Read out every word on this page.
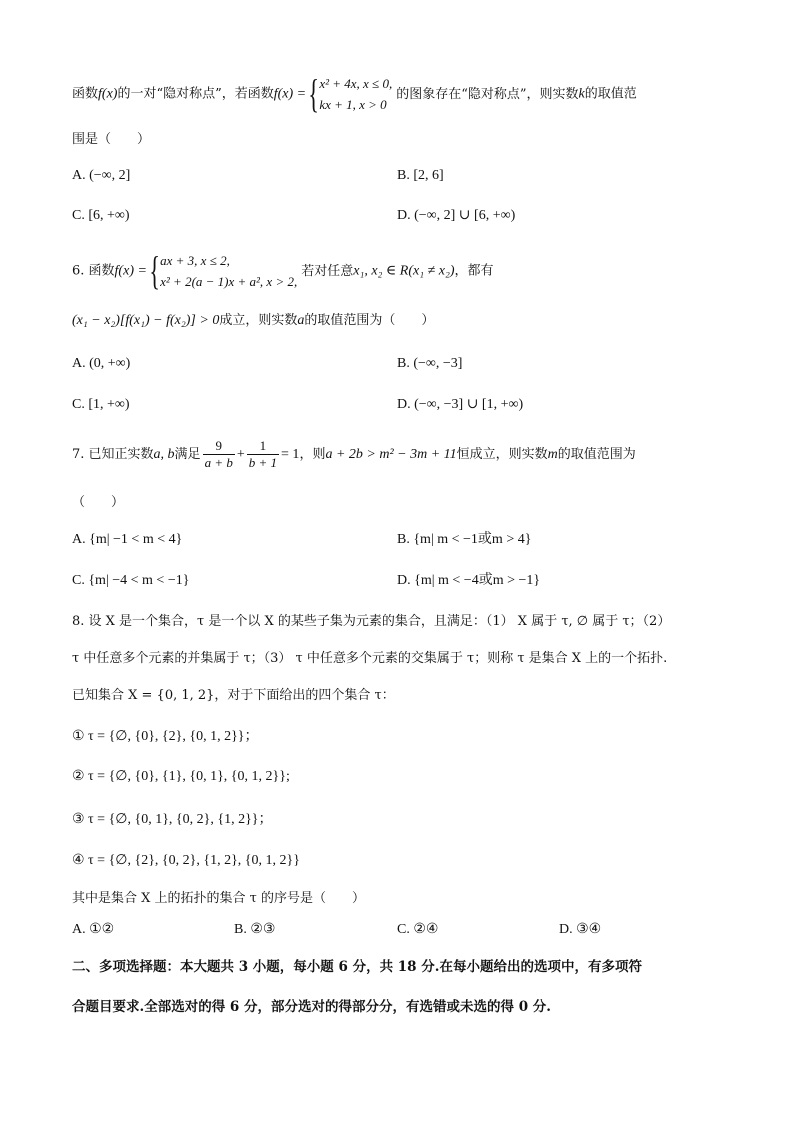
函数f(x)的一对“隐对称点”，若函数f(x) ={ x² + 4x, x ≤ 0,
kx + 1, x > 0
的图象存在“隐对称点”，则实数k的取值范
围是（　　）
A. (−∞, 2]	B. [2, 6]
C. [6, +∞)	D. (−∞, 2] ∪ [6, +∞)
6. 函数f(x) ={ ax + 3, x ≤ 2,
x² + 2(a − 1)x + a², x > 2,
若对任意x₁, x₂ ∈ R(x₁ ≠ x₂)，都有
(x₁ − x₂)[f(x₁) − f(x₂)] > 0成立，则实数a的取值范围为（　　）
A. (0, +∞)	B. (−∞, −3]
C. [1, +∞)	D. (−∞, −3] ∪ [1, +∞)
7. 已知正实数a, b满足 $\frac{9}{a + b} + \frac{1}{b + 1} = 1$，则a + 2b > m² − 3m + 11恒成立，则实数m的取值范围为
（　　）
A. {m| −1 < m < 4}	B. {m| m < −1或m > 4}
C. {m| −4 < m < −1}	D. {m| m < −4或m > −1}
8. 设 X 是一个集合，τ 是一个以 X 的某些子集为元素的集合，且满足：（1） X 属于 τ, ∅ 属于 τ；（2）
τ 中任意多个元素的并集属于 τ；（3） τ 中任意多个元素的交集属于 τ；则称 τ 是集合 X 上的一个拓扑.
已知集合 X = {0, 1, 2}，对于下面给出的四个集合 τ：
① τ = {∅, {0}, {2}, {0, 1, 2}}；
② τ = {∅, {0}, {1}, {0, 1}, {0, 1, 2}};
③ τ = {∅, {0, 1}, {0, 2}, {1, 2}}；
④ τ = {∅, {2}, {0, 2}, {1, 2}, {0, 1, 2}}
其中是集合 X 上的拓扑的集合 τ 的序号是（　　）
A. ①②	B. ②③	C. ②④	D. ③④
二、多项选择题：本大题共 3 小题，每小题 6 分，共 18 分.在每小题给出的选项中，有多项符
合题目要求.全部选对的得 6 分，部分选对的得部分分，有选错或未选的得 0 分.
